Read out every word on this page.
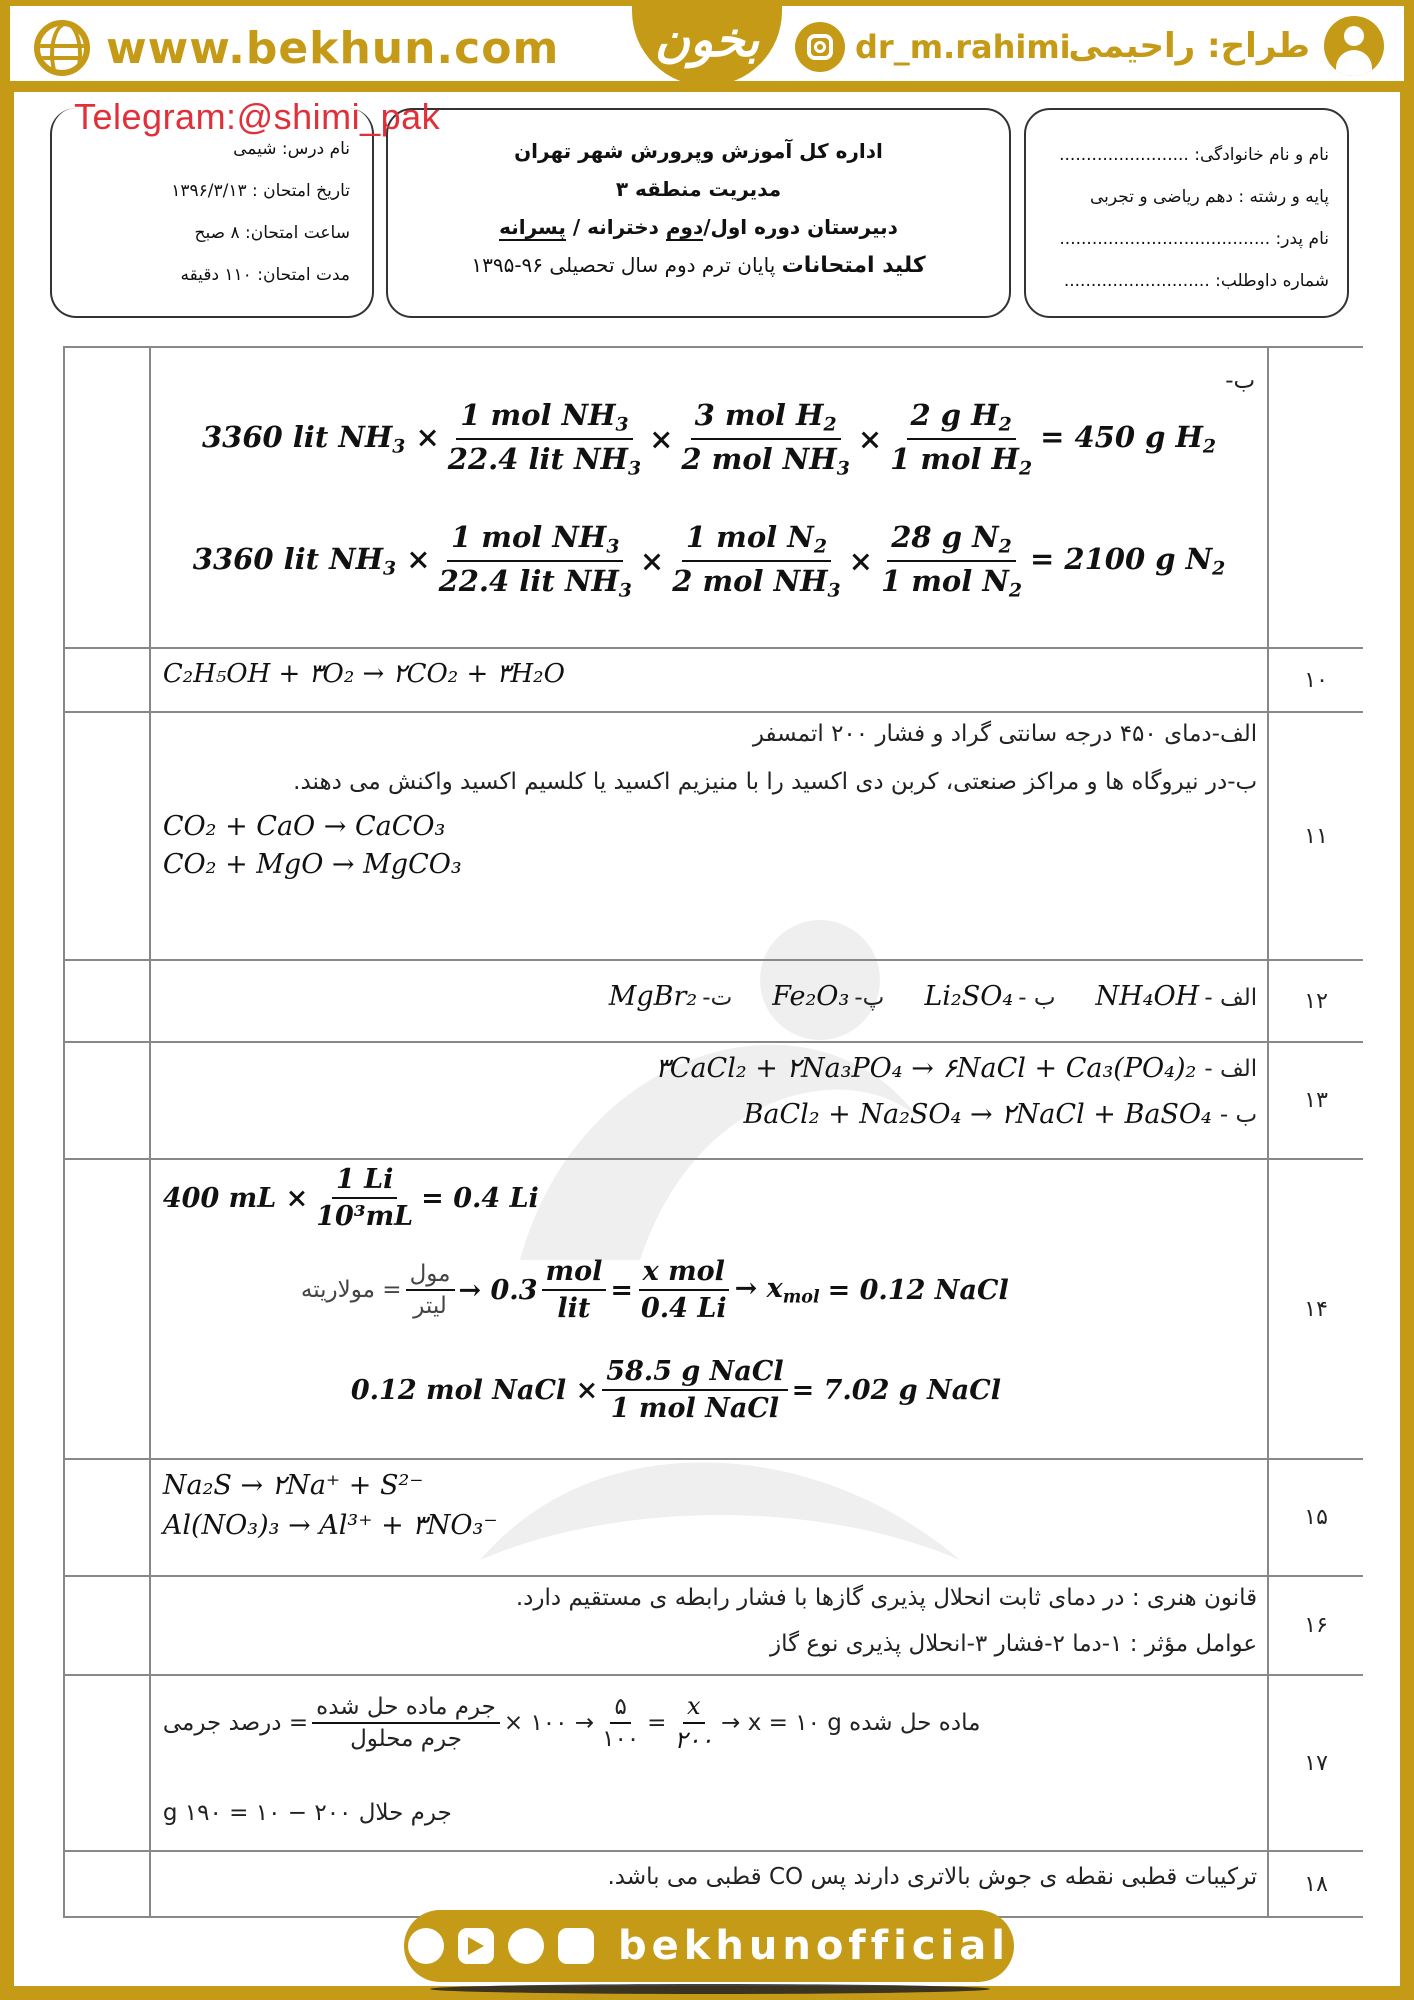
www.bekhun.com	dr_m.rahimi
طراح: راحیمی
بخون
نام و نام خانوادگی: ........................
پایه و رشته : دهم ریاضی و تجربی
نام پدر: .......................................
شماره داوطلب: ...........................
اداره کل آموزش وپرورش شهر تهران
مدیریت منطقه ۳
دبیرستان دوره اول/دوم دخترانه / پسرانه
کلید امتحانات پایان ترم دوم سال تحصیلی ۹۶-۱۳۹۵
نام درس: شیمی
تاریخ امتحان : ۱۳۹۶/۳/۱۳
ساعت امتحان: ۸ صبح
مدت امتحان: ۱۱۰ دقیقه
Telegram:@shimi_pak
ب-
3360 lit $NH_3 \times \frac{1 mol NH_3}{22.4 lit NH_3} \times \frac{3 mol H_2}{2 mol NH_3} \times \frac{2 g H_2}{1 mol H_2} = 450$ g $H_2$
3360 lit $NH_3 \times \frac{1 mol NH_3}{22.4 lit NH_3} \times \frac{1 mol N_2}{2 mol NH_3} \times \frac{28 g N_2}{1 mol N_2} = 2100$ g $N_2$
C₂H₅OH + ۳O₂ → ۲CO₂ + ۳H₂O	۱۰
الف-دمای ۴۵۰ درجه سانتی گراد و فشار ۲۰۰ اتمسفر
ب-در نیروگاه ها و مراکز صنعتی، کربن دی اکسید را با منیزیم اکسید یا کلسیم اکسید واکنش می دهند.
CO₂ + CaO → CaCO₃
CO₂ + MgO → MgCO₃
۱۱
الف - NH₄OH
ب - Li₂SO₄
پ- Fe₂O₃
ت- MgBr₂	۱۲
الف -
۳CaCl₂ + ۲Na₃PO₄ → ۶NaCl + Ca₃(PO₄)₂
ب -
BaCl₂ + Na₂SO₄ → ۲NaCl + BaSO₄	۱۳
400 mL × $\frac{1 Li}{\text{10³mL}} = 0.4$ Li
مولاریته = $\frac{\text{مول}}{\text{لیتر}} \to 0.3 \frac{\text{mol}}{\text{lit}} = \frac{\text{x mol}}{0.4 Li} \to x_{mol} = 0.12$ NaCl
0.12 mol NaCl × $\frac{\text{58.5 g NaCl}}{\text{1 mol NaCl}} = 7.02$ g NaCl
۱۴
Na₂S → ۲Na⁺ + S²⁻
Al(NO₃)₃ → Al³⁺ + ۳NO₃⁻	۱۵
قانون هنری : در دمای ثابت انحلال پذیری گازها با فشار رابطه ی مستقیم دارد.
عوامل مؤثر : ۱-دما ۲-فشار ۳-انحلال پذیری نوع گاز
۱۶
درصد جرمی = $\frac{\text{جرم ماده حل شده}}{\text{جرم محلول}}$ × ۱۰۰ → $\frac{۵}{۱۰۰} = \frac{x}{۲۰۰} \to x$ = ۱۰ g ماده حل شده
جرم حلال g ۱۹۰ = ۱۰ − ۲۰۰
۱۷
ترکیبات قطبی نقطه ی جوش بالاتری دارند پس CO قطبی می باشد.	۱۸
bekhunofficial
